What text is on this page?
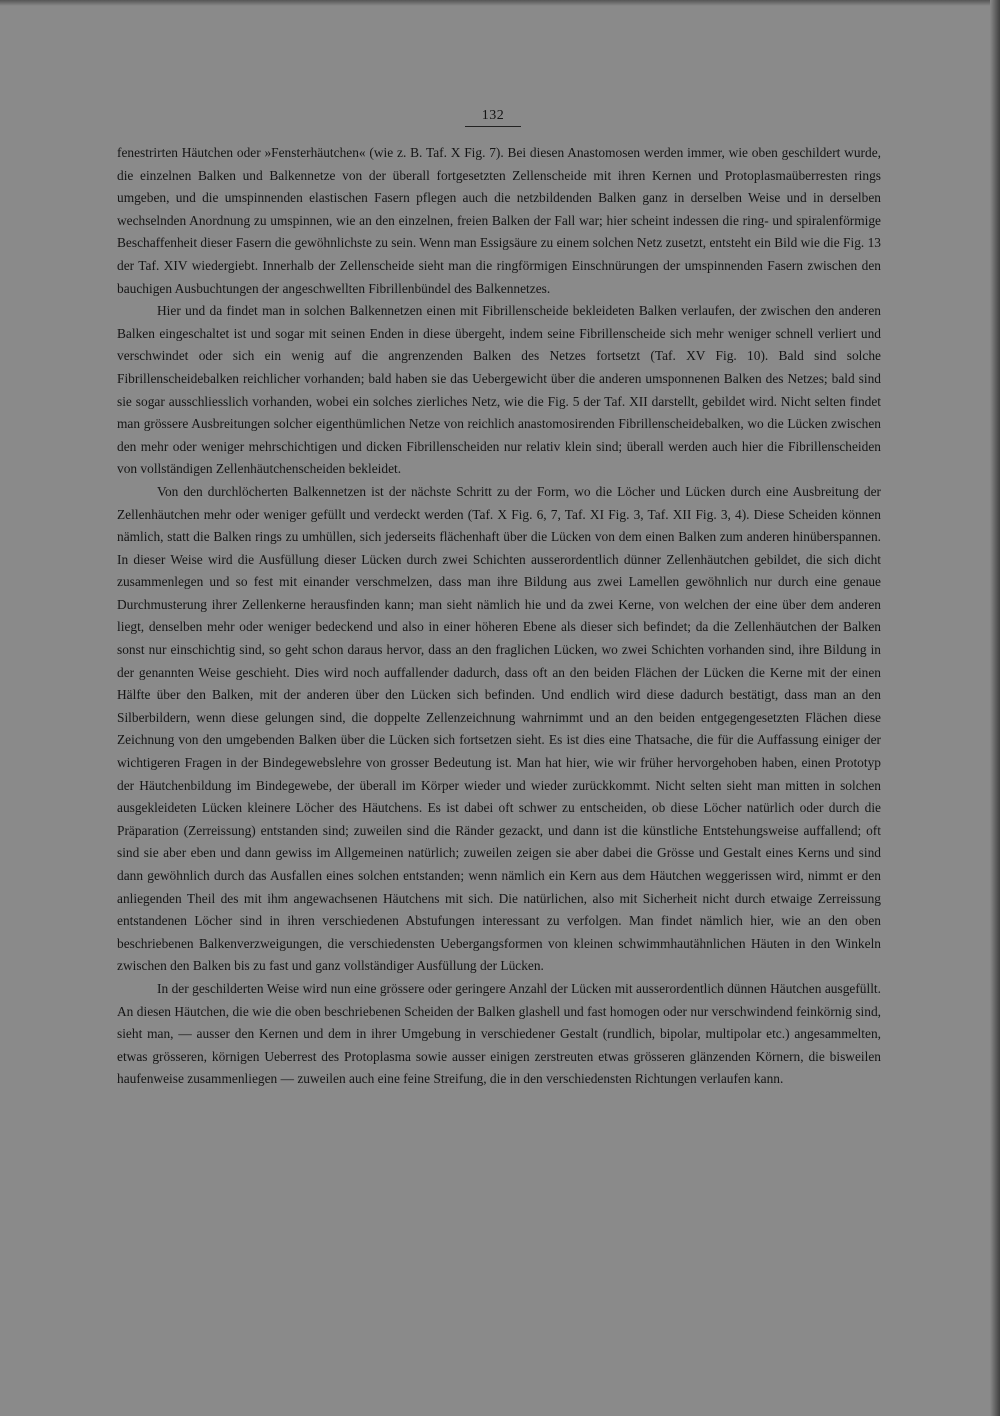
132

fenestrirten Häutchen oder »Fensterhäutchen« (wie z. B. Taf. X Fig. 7). Bei diesen Anastomosen werden immer, wie oben geschildert wurde, die einzelnen Balken und Balkennetze von der überall fortgesetzten Zellenscheide mit ihren Kernen und Protoplasmaüberresten rings umgeben, und die umspinnenden elastischen Fasern pflegen auch die netzbildenden Balken ganz in derselben Weise und in derselben wechselnden Anordnung zu umspinnen, wie an den einzelnen, freien Balken der Fall war; hier scheint indessen die ring- und spiralenförmige Beschaffenheit dieser Fasern die gewöhnlichste zu sein. Wenn man Essigsäure zu einem solchen Netz zusetzt, entsteht ein Bild wie die Fig. 13 der Taf. XIV wiedergiebt. Innerhalb der Zellenscheide sieht man die ringförmigen Einschnürungen der umspinnenden Fasern zwischen den bauchigen Ausbuchtungen der angeschwellten Fibrillenbündel des Balkennetzes.

Hier und da findet man in solchen Balkennetzen einen mit Fibrillenscheide bekleideten Balken verlaufen, der zwischen den anderen Balken eingeschaltet ist und sogar mit seinen Enden in diese übergeht, indem seine Fibrillenscheide sich mehr weniger schnell verliert und verschwindet oder sich ein wenig auf die angrenzenden Balken des Netzes fortsetzt (Taf. XV Fig. 10). Bald sind solche Fibrillenscheidebalken reichlicher vorhanden; bald haben sie das Uebergewicht über die anderen umsponnenen Balken des Netzes; bald sind sie sogar ausschliesslich vorhanden, wobei ein solches zierliches Netz, wie die Fig. 5 der Taf. XII darstellt, gebildet wird. Nicht selten findet man grössere Ausbreitungen solcher eigenthümlichen Netze von reichlich anastomosirenden Fibrillenscheidebalken, wo die Lücken zwischen den mehr oder weniger mehrschichtigen und dicken Fibrillenscheiden nur relativ klein sind; überall werden auch hier die Fibrillenscheiden von vollständigen Zellenhäutchenscheiden bekleidet.

Von den durchlöcherten Balkennetzen ist der nächste Schritt zu der Form, wo die Löcher und Lücken durch eine Ausbreitung der Zellenhäutchen mehr oder weniger gefüllt und verdeckt werden (Taf. X Fig. 6, 7, Taf. XI Fig. 3, Taf. XII Fig. 3, 4). Diese Scheiden können nämlich, statt die Balken rings zu umhüllen, sich jederseits flächenhaft über die Lücken von dem einen Balken zum anderen hinüberspannen. In dieser Weise wird die Ausfüllung dieser Lücken durch zwei Schichten ausserordentlich dünner Zellenhäutchen gebildet, die sich dicht zusammenlegen und so fest mit einander verschmelzen, dass man ihre Bildung aus zwei Lamellen gewöhnlich nur durch eine genaue Durchmusterung ihrer Zellenkerne herausfinden kann; man sieht nämlich hie und da zwei Kerne, von welchen der eine über dem anderen liegt, denselben mehr oder weniger bedeckend und also in einer höheren Ebene als dieser sich befindet; da die Zellenhäutchen der Balken sonst nur einschichtig sind, so geht schon daraus hervor, dass an den fraglichen Lücken, wo zwei Schichten vorhanden sind, ihre Bildung in der genannten Weise geschieht. Dies wird noch auffallender dadurch, dass oft an den beiden Flächen der Lücken die Kerne mit der einen Hälfte über den Balken, mit der anderen über den Lücken sich befinden. Und endlich wird diese dadurch bestätigt, dass man an den Silberbildern, wenn diese gelungen sind, die doppelte Zellenzeichnung wahrnimmt und an den beiden entgegengesetzten Flächen diese Zeichnung von den umgebenden Balken über die Lücken sich fortsetzen sieht. Es ist dies eine Thatsache, die für die Auffassung einiger der wichtigeren Fragen in der Bindegewebslehre von grosser Bedeutung ist. Man hat hier, wie wir früher hervorgehoben haben, einen Prototyp der Häutchenbildung im Bindegewebe, der überall im Körper wieder und wieder zurückkommt. Nicht selten sieht man mitten in solchen ausgekleideten Lücken kleinere Löcher des Häutchens. Es ist dabei oft schwer zu entscheiden, ob diese Löcher natürlich oder durch die Präparation (Zerreissung) entstanden sind; zuweilen sind die Ränder gezackt, und dann ist die künstliche Entstehungsweise auffallend; oft sind sie aber eben und dann gewiss im Allgemeinen natürlich; zuweilen zeigen sie aber dabei die Grösse und Gestalt eines Kerns und sind dann gewöhnlich durch das Ausfallen eines solchen entstanden; wenn nämlich ein Kern aus dem Häutchen weggerissen wird, nimmt er den anliegenden Theil des mit ihm angewachsenen Häutchens mit sich. Die natürlichen, also mit Sicherheit nicht durch etwaige Zerreissung entstandenen Löcher sind in ihren verschiedenen Abstufungen interessant zu verfolgen. Man findet nämlich hier, wie an den oben beschriebenen Balkenverzweigungen, die verschiedensten Uebergangsformen von kleinen schwimmhautähnlichen Häuten in den Winkeln zwischen den Balken bis zu fast und ganz vollständiger Ausfüllung der Lücken.

In der geschilderten Weise wird nun eine grössere oder geringere Anzahl der Lücken mit ausserordentlich dünnen Häutchen ausgefüllt. An diesen Häutchen, die wie die oben beschriebenen Scheiden der Balken glashell und fast homogen oder nur verschwindend feinkörnig sind, sieht man, — ausser den Kernen und dem in ihrer Umgebung in verschiedener Gestalt (rundlich, bipolar, multipolar etc.) angesammelten, etwas grösseren, körnigen Ueberrest des Protoplasma sowie ausser einigen zerstreuten etwas grösseren glänzenden Körnern, die bisweilen haufenweise zusammenliegen — zuweilen auch eine feine Streifung, die in den verschiedensten Richtungen verlaufen kann.
